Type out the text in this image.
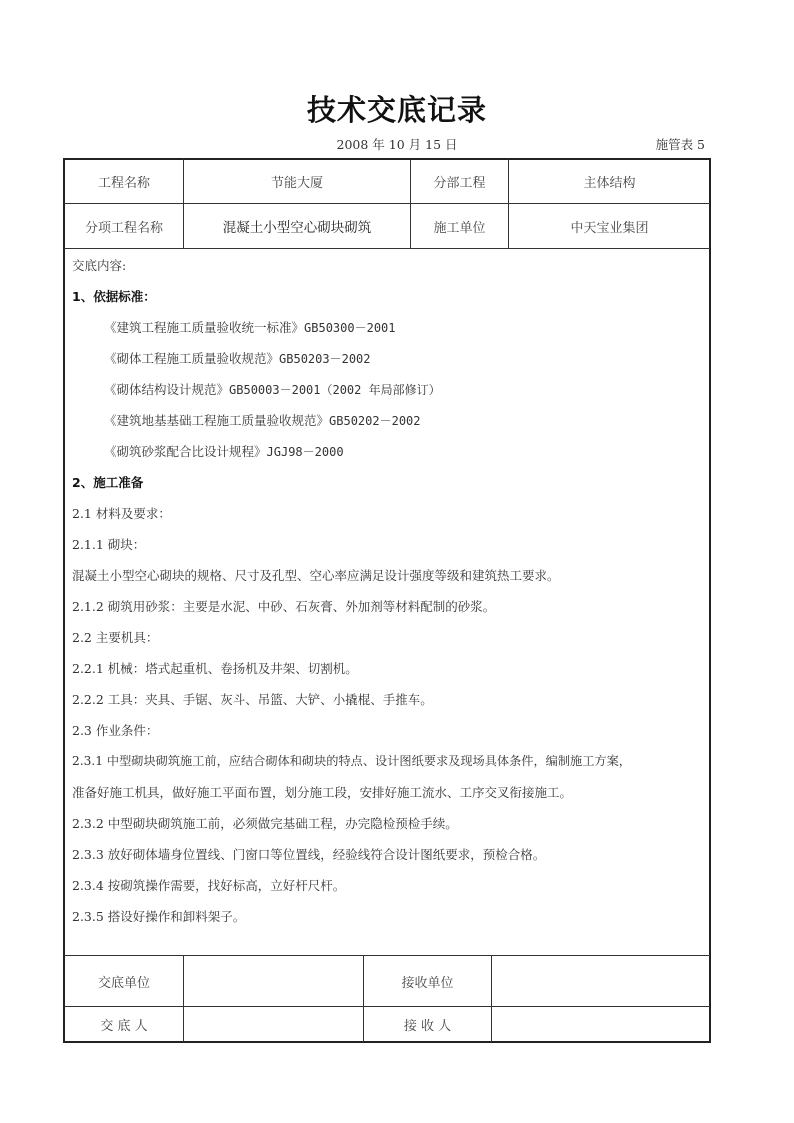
技术交底记录
2008 年 10 月 15 日	施管表 5
工程名称	节能大厦	分部工程	主体结构
分项工程名称	混凝土小型空心砌块砌筑	施工单位	中天宝业集团
交底内容:
1、依据标准：
《建筑工程施工质量验收统一标准》GB50300－2001
《砌体工程施工质量验收规范》GB50203－2002
《砌体结构设计规范》GB50003－2001（2002 年局部修订）
《建筑地基基础工程施工质量验收规范》GB50202－2002
《砌筑砂浆配合比设计规程》JGJ98－2000
2、施工准备
2.1 材料及要求：
2.1.1 砌块：
混凝土小型空心砌块的规格、尺寸及孔型、空心率应满足设计强度等级和建筑热工要求。
2.1.2 砌筑用砂浆：主要是水泥、中砂、石灰膏、外加剂等材料配制的砂浆。
2.2 主要机具：
2.2.1 机械：塔式起重机、卷扬机及井架、切割机。
2.2.2 工具：夹具、手锯、灰斗、吊篮、大铲、小撬棍、手推车。
2.3 作业条件：
2.3.1 中型砌块砌筑施工前，应结合砌体和砌块的特点、设计图纸要求及现场具体条件，编制施工方案，
准备好施工机具，做好施工平面布置，划分施工段，安排好施工流水、工序交叉衔接施工。
2.3.2 中型砌块砌筑施工前，必须做完基础工程，办完隐检预检手续。
2.3.3 放好砌体墙身位置线、门窗口等位置线，经验线符合设计图纸要求，预检合格。
2.3.4 按砌筑操作需要，找好标高，立好杆尺杆。
2.3.5 搭设好操作和卸料架子。
交底单位	接收单位
交 底 人	接 收 人
